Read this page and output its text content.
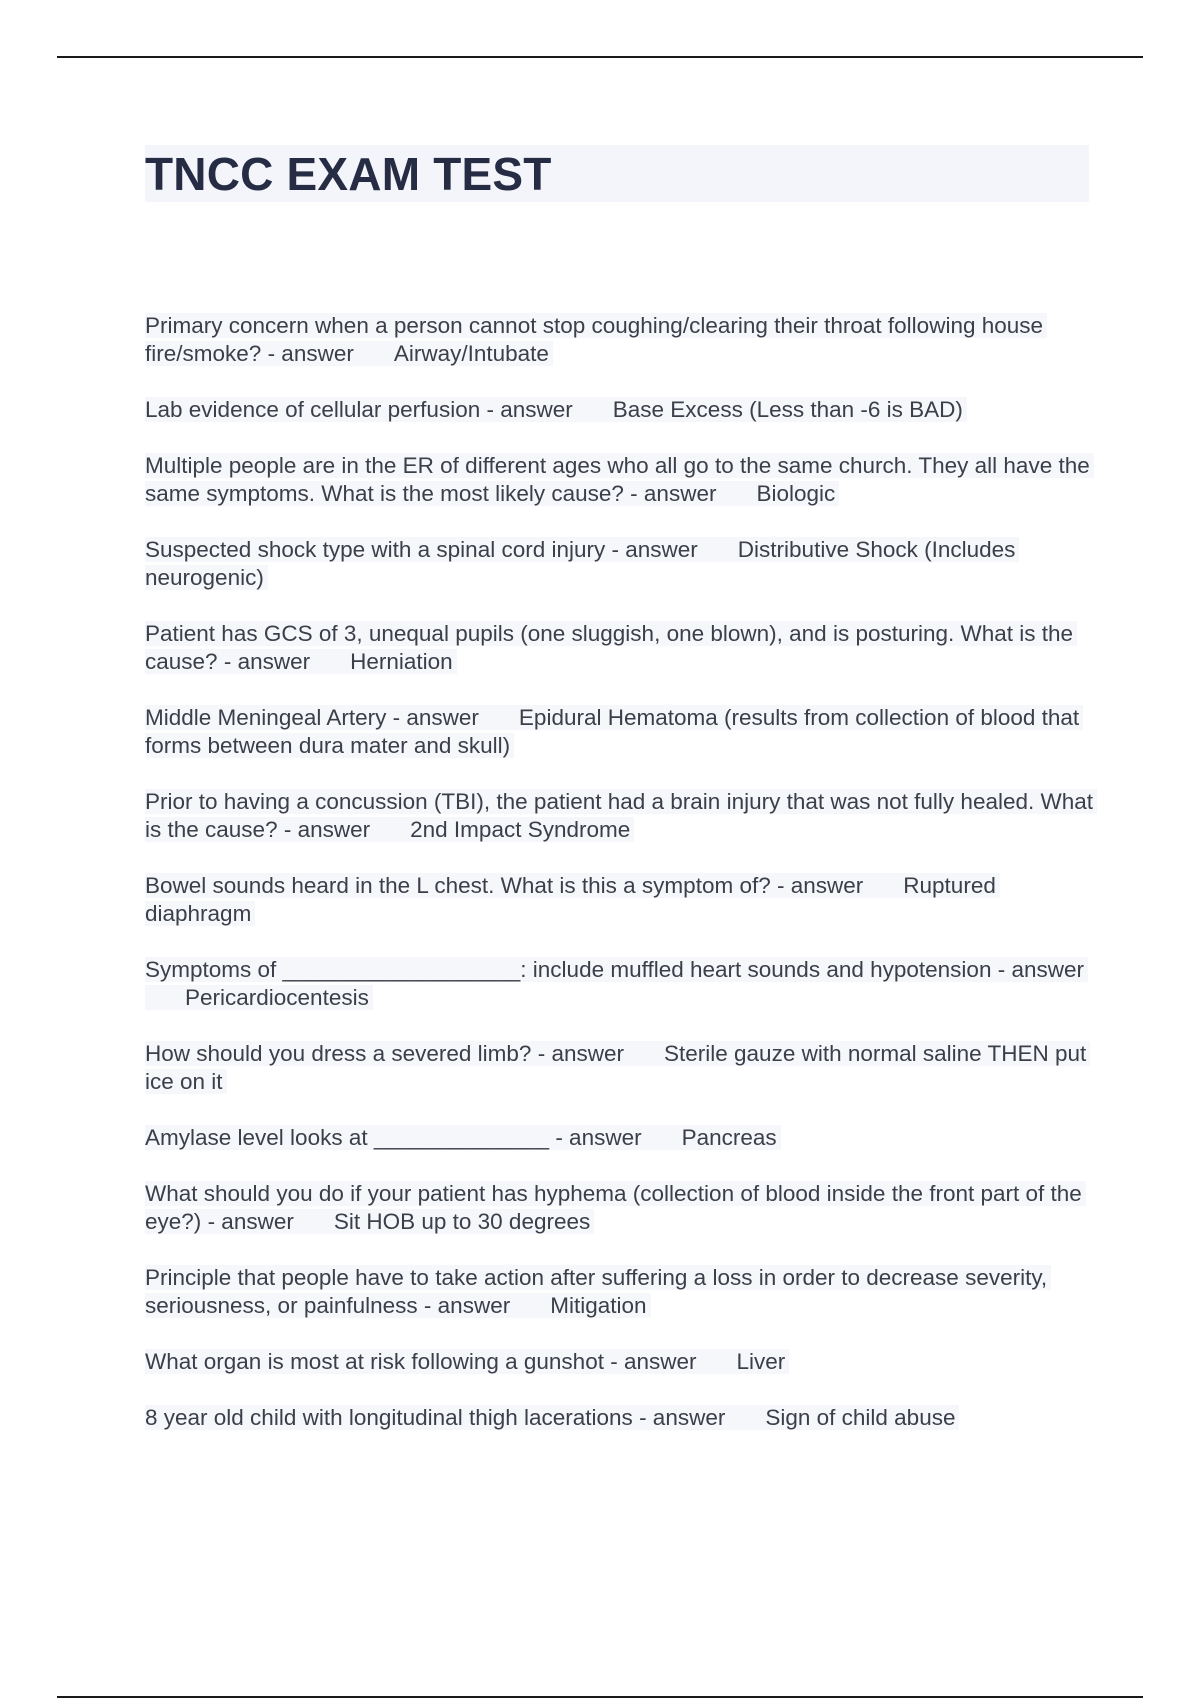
TNCC EXAM TEST
Primary concern when a person cannot stop coughing/clearing their throat following house fire/smoke? - answer Airway/Intubate
Lab evidence of cellular perfusion - answer Base Excess (Less than -6 is BAD)
Multiple people are in the ER of different ages who all go to the same church. They all have the same symptoms. What is the most likely cause? - answer Biologic
Suspected shock type with a spinal cord injury - answer Distributive Shock (Includes neurogenic)
Patient has GCS of 3, unequal pupils (one sluggish, one blown), and is posturing. What is the cause? - answer Herniation
Middle Meningeal Artery - answer Epidural Hematoma (results from collection of blood that forms between dura mater and skull)
Prior to having a concussion (TBI), the patient had a brain injury that was not fully healed. What is the cause? - answer 2nd Impact Syndrome
Bowel sounds heard in the L chest. What is this a symptom of? - answer Ruptured diaphragm
Symptoms of ___________________: include muffled heart sounds and hypotension - answerPericardiocentesis
How should you dress a severed limb? - answer Sterile gauze with normal saline THEN put ice on it
Amylase level looks at ______________ - answer Pancreas
What should you do if your patient has hyphema (collection of blood inside the front part of the eye?) - answer Sit HOB up to 30 degrees
Principle that people have to take action after suffering a loss in order to decrease severity, seriousness, or painfulness - answer Mitigation
What organ is most at risk following a gunshot - answer Liver
8 year old child with longitudinal thigh lacerations - answer Sign of child abuse
